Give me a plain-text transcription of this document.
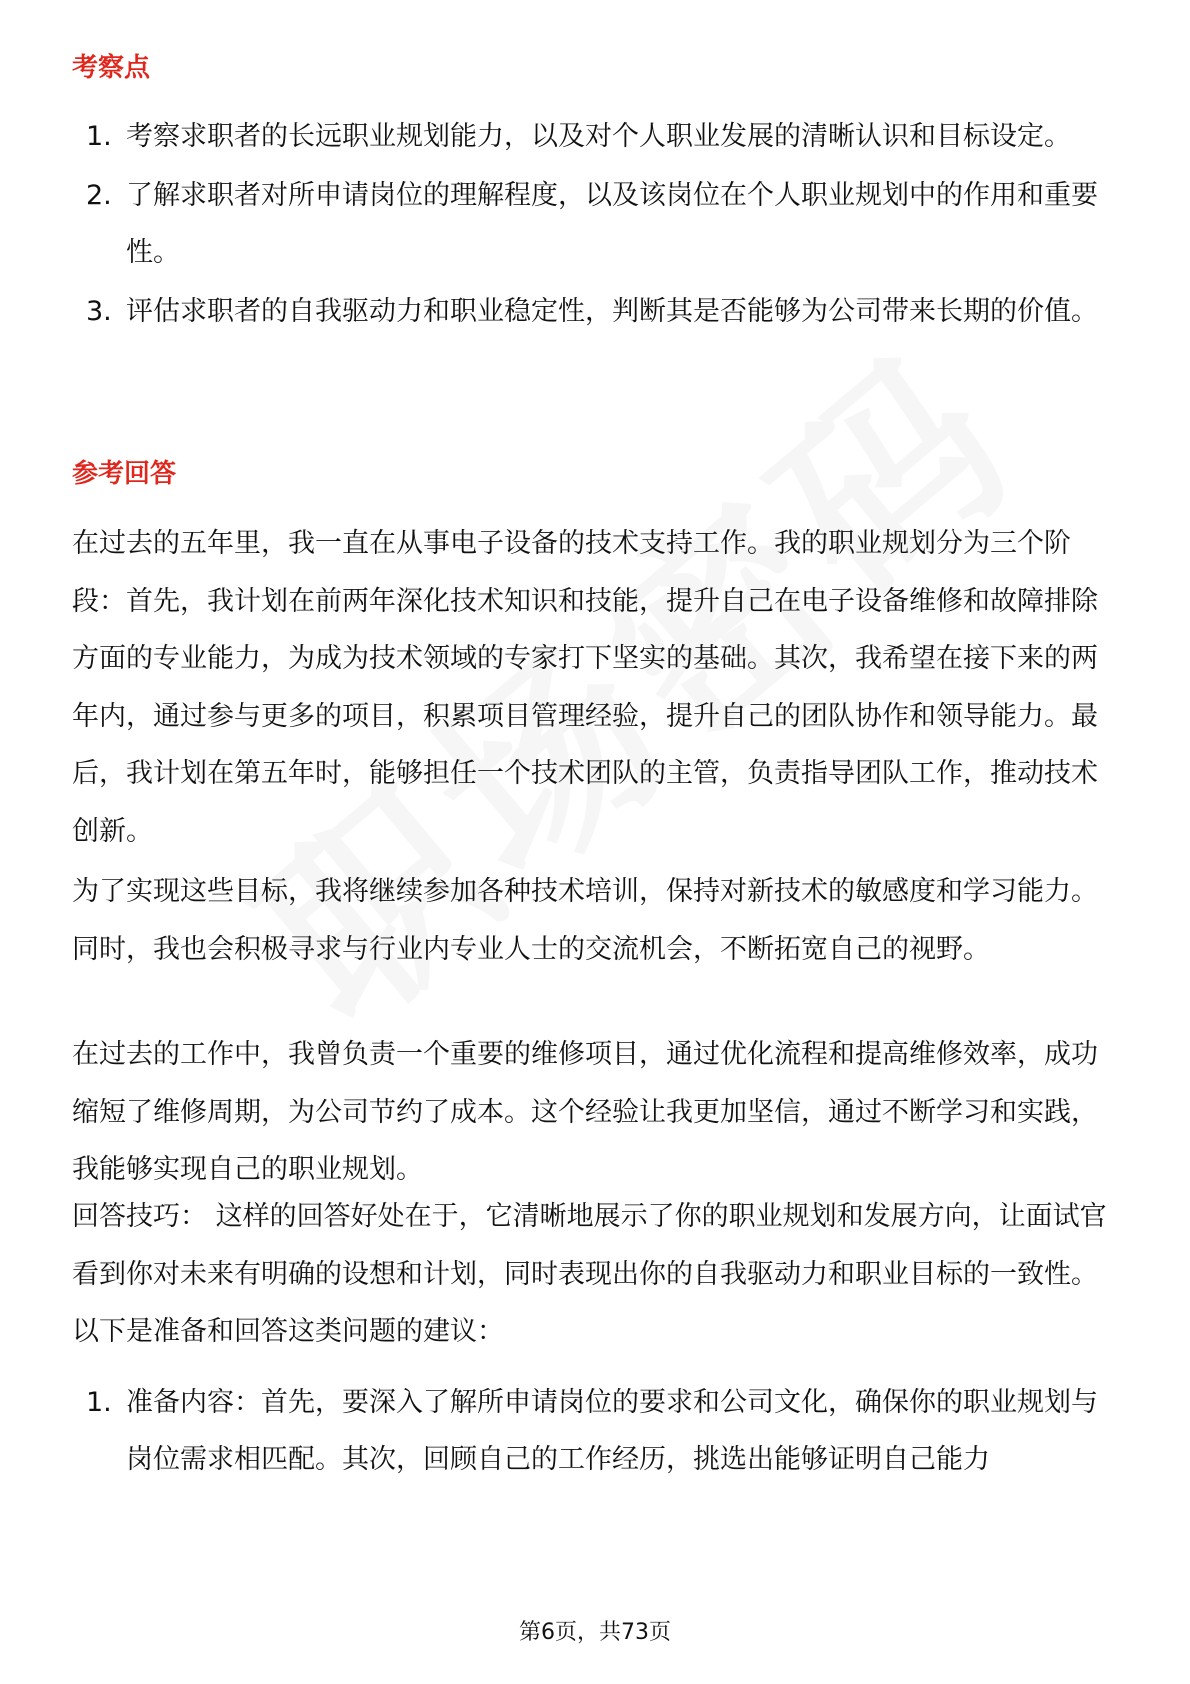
考察点
1. 考察求职者的长远职业规划能力，以及对个人职业发展的清晰认识和目标设定。
2. 了解求职者对所申请岗位的理解程度，以及该岗位在个人职业规划中的作用和重要性。
3. 评估求职者的自我驱动力和职业稳定性，判断其是否能够为公司带来长期的价值。
参考回答

在过去的五年里，我一直在从事电子设备的技术支持工作。我的职业规划分为三个阶段：首先，我计划在前两年深化技术知识和技能，提升自己在电子设备维修和故障排除方面的专业能力，为成为技术领域的专家打下坚实的基础。其次，我希望在接下来的两年内，通过参与更多的项目，积累项目管理经验，提升自己的团队协作和领导能力。最后，我计划在第五年时，能够担任一个技术团队的主管，负责指导团队工作，推动技术创新。

为了实现这些目标，我将继续参加各种技术培训，保持对新技术的敏感度和学习能力。同时，我也会积极寻求与行业内专业人士的交流机会，不断拓宽自己的视野。

在过去的工作中，我曾负责一个重要的维修项目，通过优化流程和提高维修效率，成功缩短了维修周期，为公司节约了成本。这个经验让我更加坚信，通过不断学习和实践，我能够实现自己的职业规划。

回答技巧： 这样的回答好处在于，它清晰地展示了你的职业规划和发展方向，让面试官看到你对未来有明确的设想和计划，同时表现出你的自我驱动力和职业目标的一致性。以下是准备和回答这类问题的建议：

1. 准备内容：首先，要深入了解所申请岗位的要求和公司文化，确保你的职业规划与岗位需求相匹配。其次，回顾自己的工作经历，挑选出能够证明自己能力
第6页，共73页
